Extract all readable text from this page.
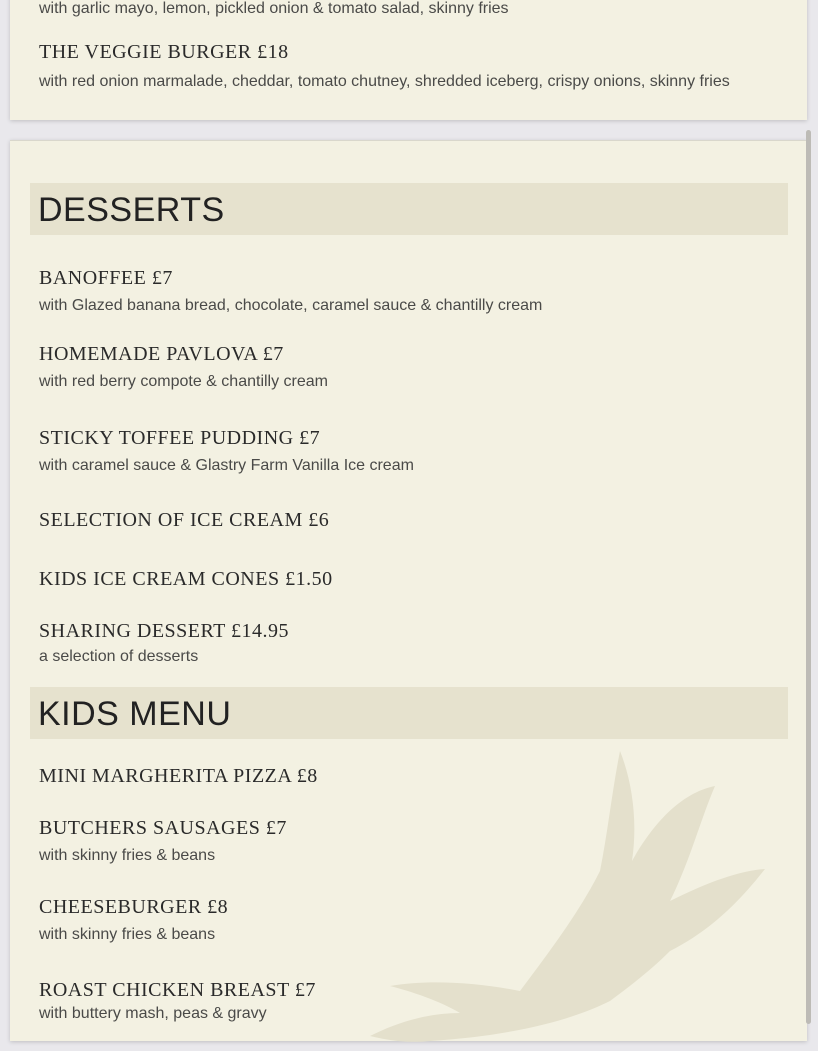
with garlic mayo, lemon, pickled onion & tomato salad, skinny fries
THE VEGGIE BURGER £18
with red onion marmalade, cheddar, tomato chutney, shredded iceberg, crispy onions, skinny fries
DESSERTS
BANOFFEE £7
with Glazed banana bread, chocolate, caramel sauce & chantilly cream
HOMEMADE PAVLOVA £7
with red berry compote & chantilly cream
STICKY TOFFEE PUDDING £7
with caramel sauce & Glastry Farm Vanilla Ice cream
SELECTION OF ICE CREAM £6
KIDS ICE CREAM CONES £1.50
SHARING DESSERT £14.95
a selection of desserts
KIDS MENU
MINI MARGHERITA PIZZA £8
BUTCHERS SAUSAGES £7
with skinny fries & beans
CHEESEBURGER £8
with skinny fries & beans
ROAST CHICKEN BREAST £7
with buttery mash, peas & gravy
